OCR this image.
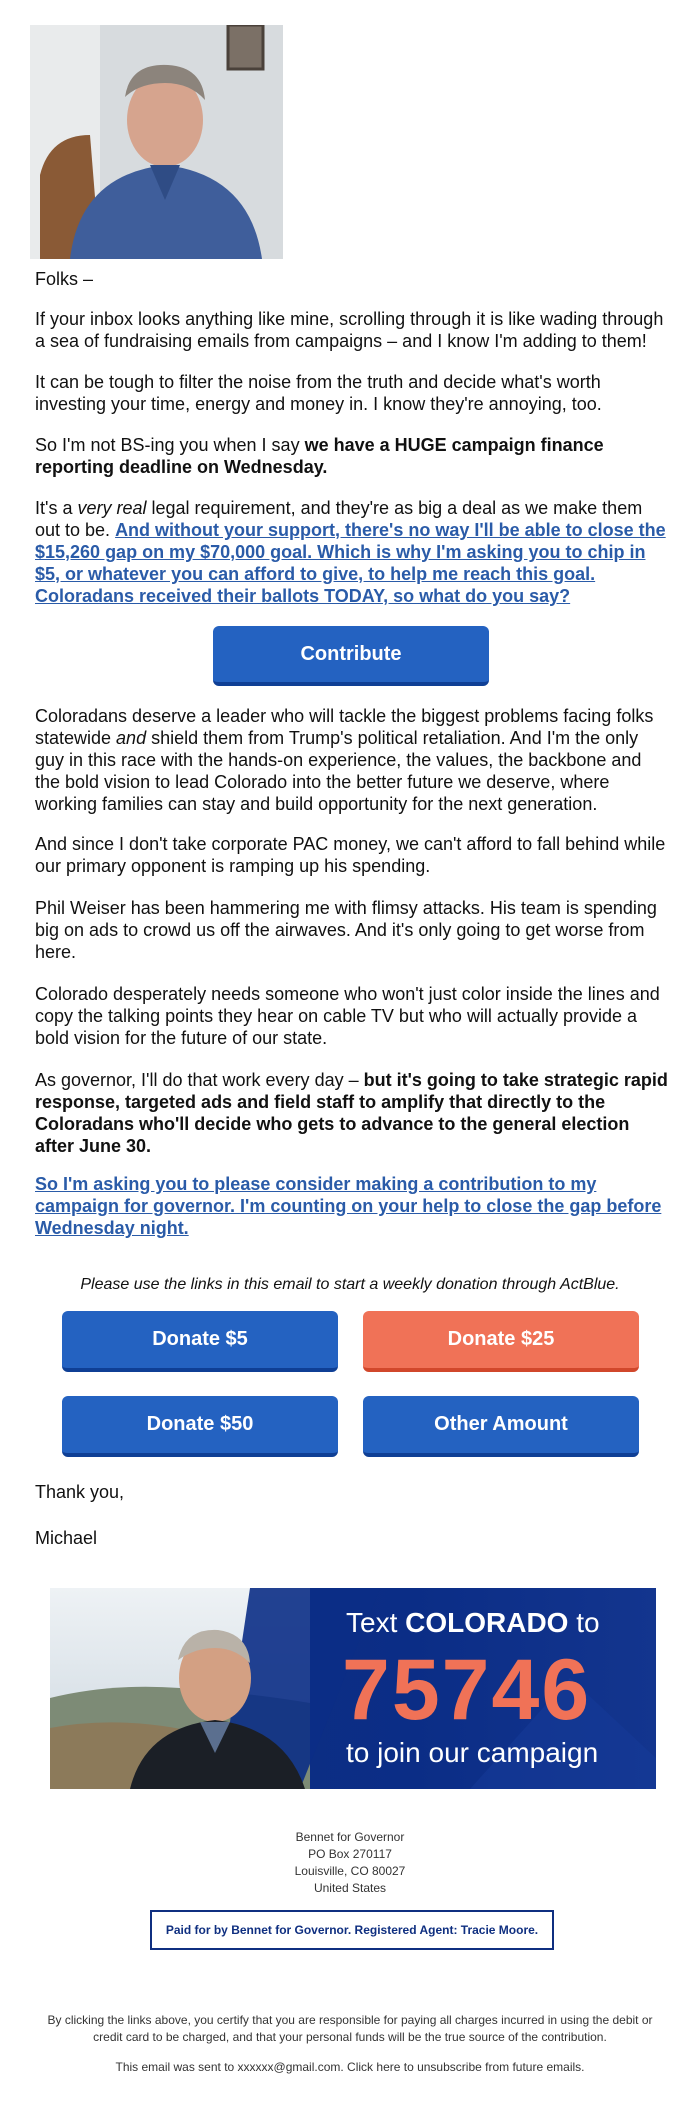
Folks –

If your inbox looks anything like mine, scrolling through it is like wading through a sea of fundraising emails from campaigns – and I know I'm adding to them!

It can be tough to filter the noise from the truth and decide what's worth investing your time, energy and money in. I know they're annoying, too.

So I'm not BS-ing you when I say we have a HUGE campaign finance reporting deadline on Wednesday.

It's a very real legal requirement, and they're as big a deal as we make them out to be. And without your support, there's no way I'll be able to close the $15,260 gap on my $70,000 goal. Which is why I'm asking you to chip in $5, or whatever you can afford to give, to help me reach this goal. Coloradans received their ballots TODAY, so what do you say?

Contribute

Coloradans deserve a leader who will tackle the biggest problems facing folks statewide and shield them from Trump's political retaliation. And I'm the only guy in this race with the hands-on experience, the values, the backbone and the bold vision to lead Colorado into the better future we deserve, where working families can stay and build opportunity for the next generation.

And since I don't take corporate PAC money, we can't afford to fall behind while our primary opponent is ramping up his spending.

Phil Weiser has been hammering me with flimsy attacks. His team is spending big on ads to crowd us off the airwaves. And it's only going to get worse from here.

Colorado desperately needs someone who won't just color inside the lines and copy the talking points they hear on cable TV but who will actually provide a bold vision for the future of our state.

As governor, I'll do that work every day – but it's going to take strategic rapid response, targeted ads and field staff to amplify that directly to the Coloradans who'll decide who gets to advance to the general election after June 30.

So I'm asking you to please consider making a contribution to my campaign for governor. I'm counting on your help to close the gap before Wednesday night.

Please use the links in this email to start a weekly donation through ActBlue.
Donate $5	Donate $25
Donate $50	Other Amount

Thank you,

Michael

Text COLORADO to
75746
to join our campaign
Bennet for Governor
PO Box 270117
Louisville, CO 80027
United States
Paid for by Bennet for Governor. Registered Agent: Tracie Moore.
By clicking the links above, you certify that you are responsible for paying all charges incurred in using the debit or credit card to be charged, and that your personal funds will be the true source of the contribution.
This email was sent to xxxxxx@gmail.com. Click here to unsubscribe from future emails.
